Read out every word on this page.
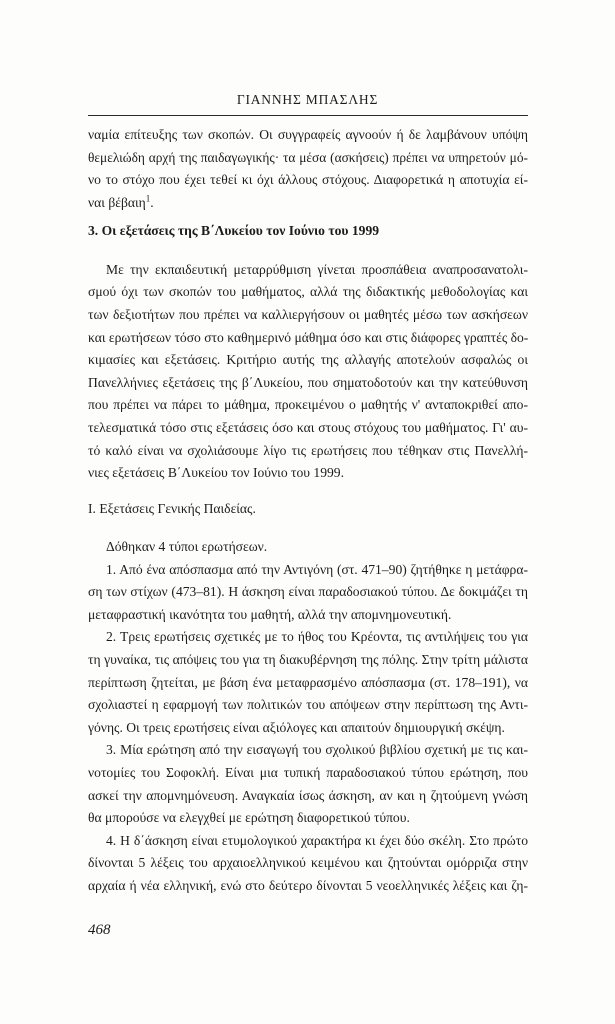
ΓΙΑΝΝΗΣ ΜΠΑΣΛΗΣ
ναμία επίτευξης των σκοπών. Οι συγγραφείς αγνοούν ή δε λαμβάνουν υπόψη
θεμελιώδη αρχή της παιδαγωγικής· τα μέσα (ασκήσεις) πρέπει να υπηρετούν μό-
νο το στόχο που έχει τεθεί κι όχι άλλους στόχους. Διαφορετικά η αποτυχία εί-
ναι βέβαιη$^1$.
3. Οι εξετάσεις της Β΄Λυκείου τον Ιούνιο του 1999
Με την εκπαιδευτική μεταρρύθμιση γίνεται προσπάθεια αναπροσανατολι-
σμού όχι των σκοπών του μαθήματος, αλλά της διδακτικής μεθοδολογίας και
των δεξιοτήτων που πρέπει να καλλιεργήσουν οι μαθητές μέσω των ασκήσεων
και ερωτήσεων τόσο στο καθημερινό μάθημα όσο και στις διάφορες γραπτές δο-
κιμασίες και εξετάσεις. Κριτήριο αυτής της αλλαγής αποτελούν ασφαλώς οι
Πανελλήνιες εξετάσεις της β΄Λυκείου, που σηματοδοτούν και την κατεύθυνση
που πρέπει να πάρει το μάθημα, προκειμένου ο μαθητής ν' ανταποκριθεί απο-
τελεσματικά τόσο στις εξετάσεις όσο και στους στόχους του μαθήματος. Γι' αυ-
τό καλό είναι να σχολιάσουμε λίγο τις ερωτήσεις που τέθηκαν στις Πανελλή-
νιες εξετάσεις Β΄Λυκείου τον Ιούνιο του 1999.
Ι. Εξετάσεις Γενικής Παιδείας.
Δόθηκαν 4 τύποι ερωτήσεων.
1. Από ένα απόσπασμα από την Αντιγόνη (στ. 471–90) ζητήθηκε η μετάφρα-
ση των στίχων (473–81). Η άσκηση είναι παραδοσιακού τύπου. Δε δοκιμάζει τη
μεταφραστική ικανότητα του μαθητή, αλλά την απομνημονευτική.
2. Τρεις ερωτήσεις σχετικές με το ήθος του Κρέοντα, τις αντιλήψεις του για
τη γυναίκα, τις απόψεις του για τη διακυβέρνηση της πόλης. Στην τρίτη μάλιστα
περίπτωση ζητείται, με βάση ένα μεταφρασμένο απόσπασμα (στ. 178–191), να
σχολιαστεί η εφαρμογή των πολιτικών του απόψεων στην περίπτωση της Αντι-
γόνης. Οι τρεις ερωτήσεις είναι αξιόλογες και απαιτούν δημιουργική σκέψη.
3. Μία ερώτηση από την εισαγωγή του σχολικού βιβλίου σχετική με τις και-
νοτομίες του Σοφοκλή. Είναι μια τυπική παραδοσιακού τύπου ερώτηση, που
ασκεί την απομνημόνευση. Αναγκαία ίσως άσκηση, αν και η ζητούμενη γνώση
θα μπορούσε να ελεγχθεί με ερώτηση διαφορετικού τύπου.
4. Η δ΄άσκηση είναι ετυμολογικού χαρακτήρα κι έχει δύο σκέλη. Στο πρώτο
δίνονται 5 λέξεις του αρχαιοελληνικού κειμένου και ζητούνται ομόρριζα στην
αρχαία ή νέα ελληνική, ενώ στο δεύτερο δίνονται 5 νεοελληνικές λέξεις και ζη-
468
